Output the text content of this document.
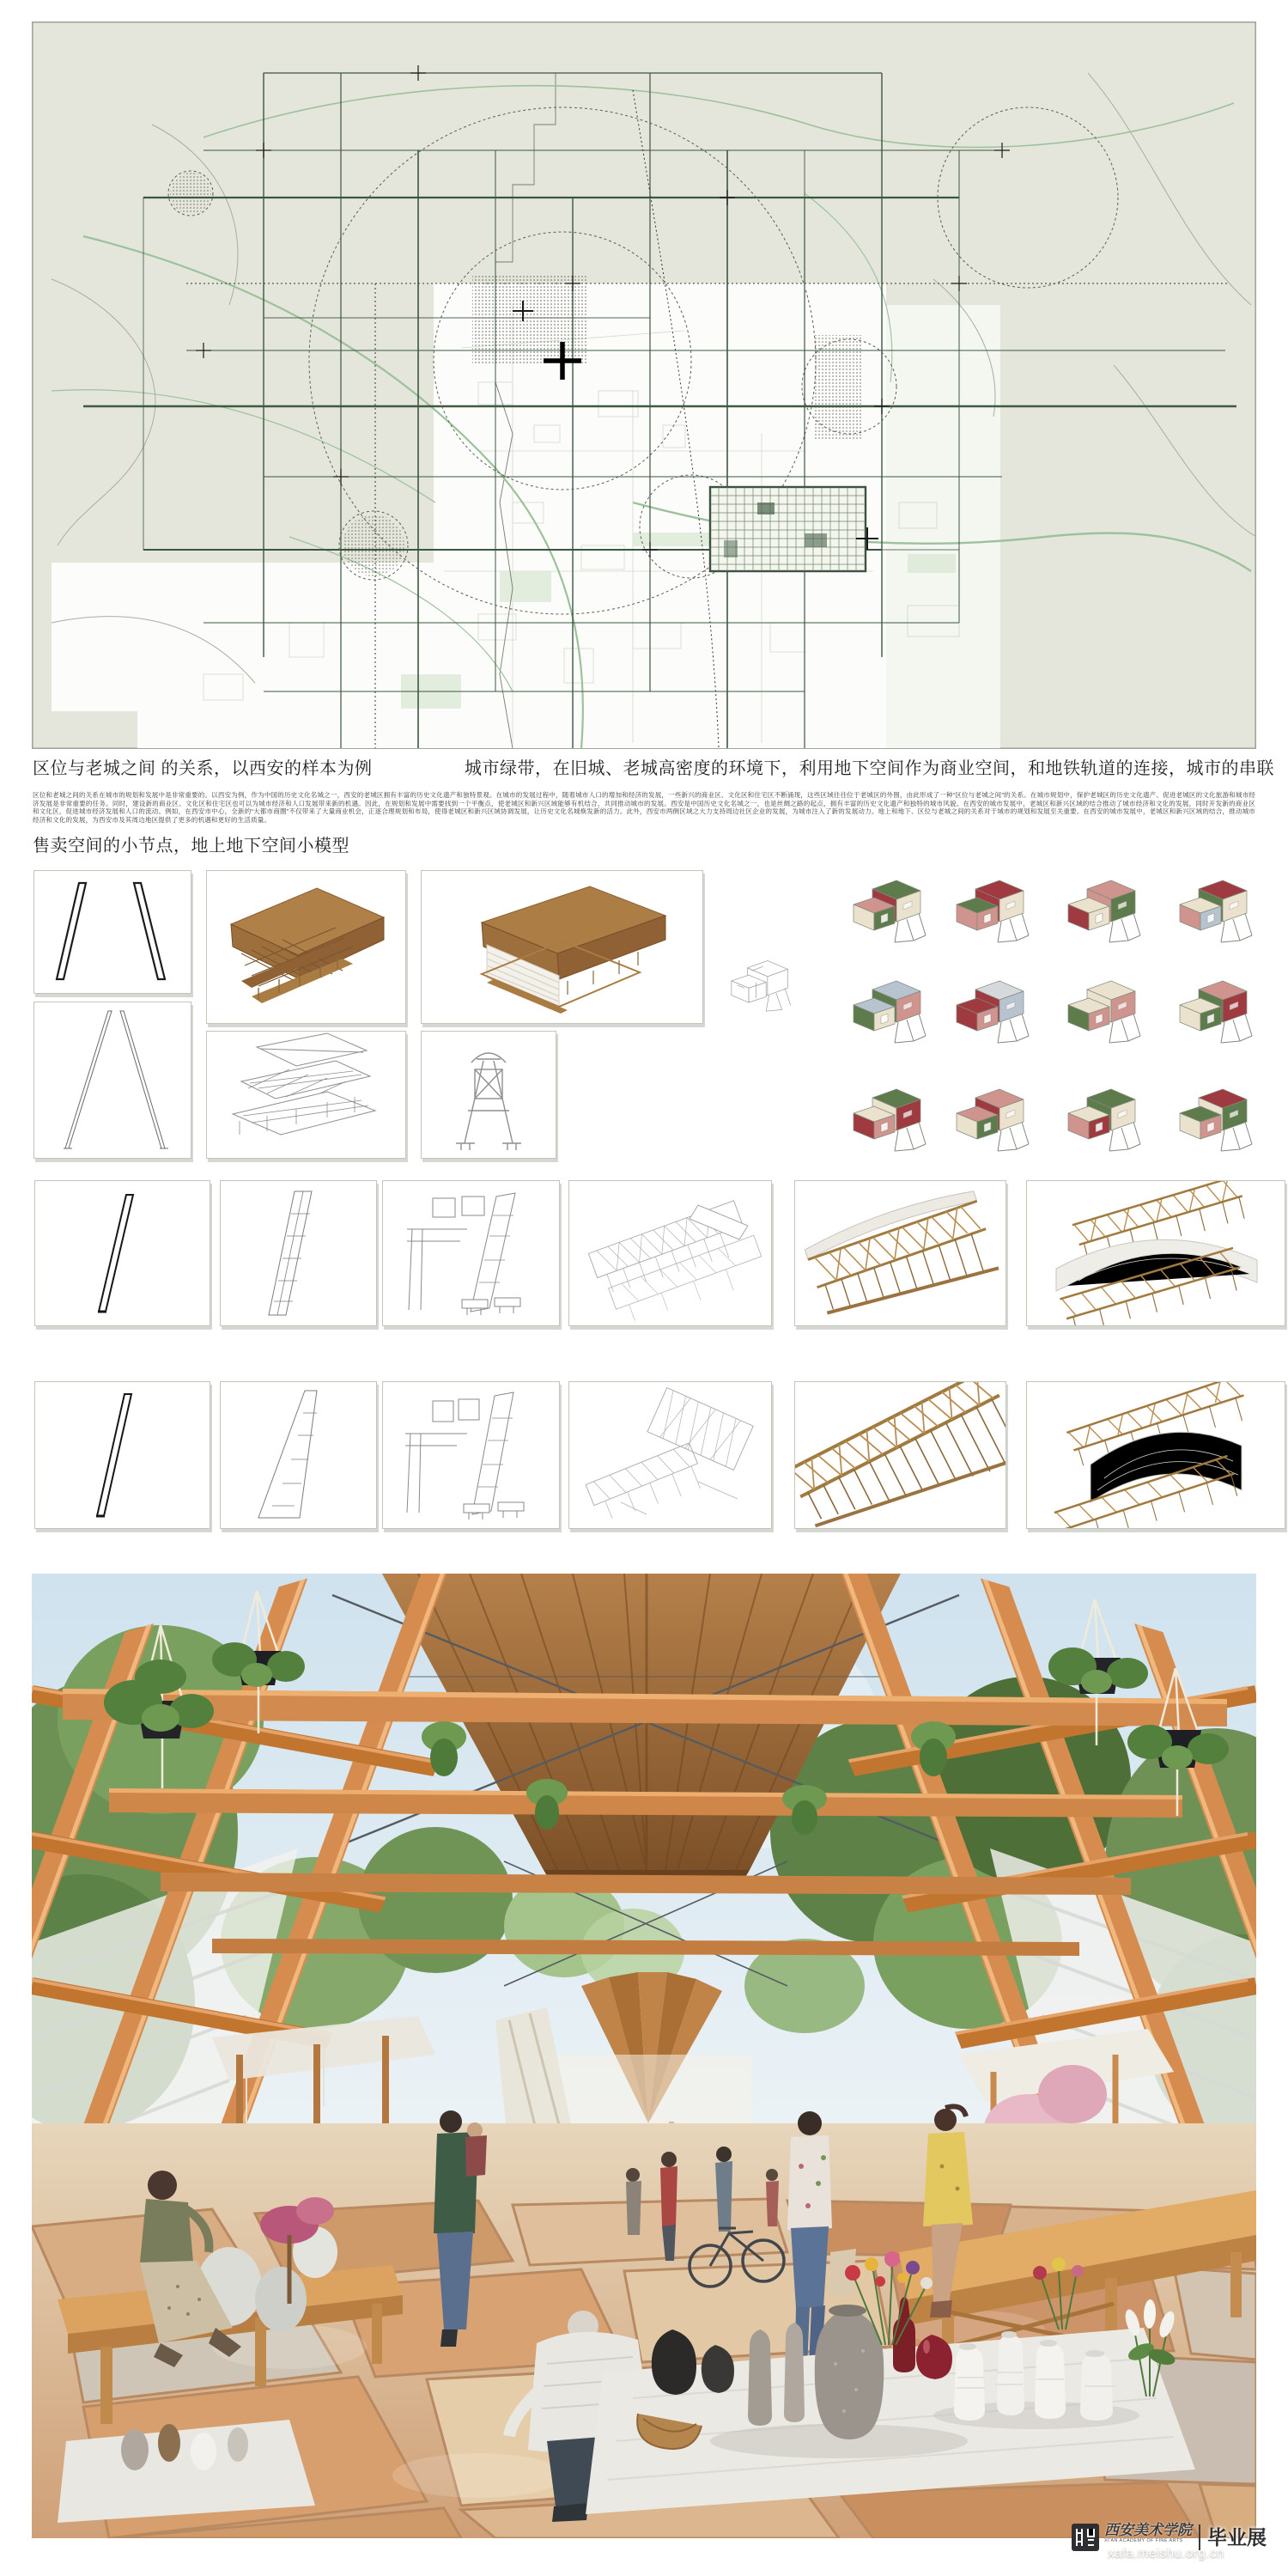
区位与老城之间 的关系，以西安的样本为例	城市绿带，在旧城、老城高密度的环境下，利用地下空间作为商业空间，和地铁轨道的连接，城市的串联
区位和老城之间的关系在城市的规划和发展中是非常重要的。以西安为例，作为中国的历史文化名城之一，西安的老城区拥有丰富的历史文化遗产和独特景观。在城市的发展过程中，随着城市人口的增加和经济的发展，一些新兴的商业区、文化区和住宅区不断涌现，这些区域往往位于老城区的外围，由此形成了一种“区位与老城之间”的关系。在城市规划中，保护老城区的历史文化遗产、促进老城区的文化旅游和城市经济发展是非常重要的任务。同时，建设新的商业区、文化区和住宅区也可以为城市经济和人口发展带来新的机遇。因此，在规划和发展中需要找到一个平衡点，使老城区和新兴区域能够有机结合，共同推动城市的发展。西安是中国历史文化名城之一，也是丝绸之路的起点，拥有丰富的历史文化遗产和独特的城市风貌。在西安的城市发展中，老城区和新兴区域的结合推动了城市经济和文化的发展，同时开发新的商业区和文化区，促进城市经济发展和人口的流动。例如，在西安市中心，全新的“大都市商圈”不仅带来了大量商业机会，正逐合理规划和布局，使得老城区和新兴区域协调发展，让历史文化名城焕发新的活力。此外，西安市两侧区域之大力支持周边社区企业的发展，为城市注入了新的发展动力。地上和地下、区位与老城之间的关系对于城市的规划和发展至关重要。在西安的城市发展中，老城区和新兴区域的结合，推动城市经济和文化的发展，为西安市及其周边地区提供了更多的机遇和更好的生活质量。
售卖空间的小节点，地上地下空间小模型
西安美术学院
XI'AN ACADEMY OF FINE ARTS	毕业展
xafa.meishu.org.cn
